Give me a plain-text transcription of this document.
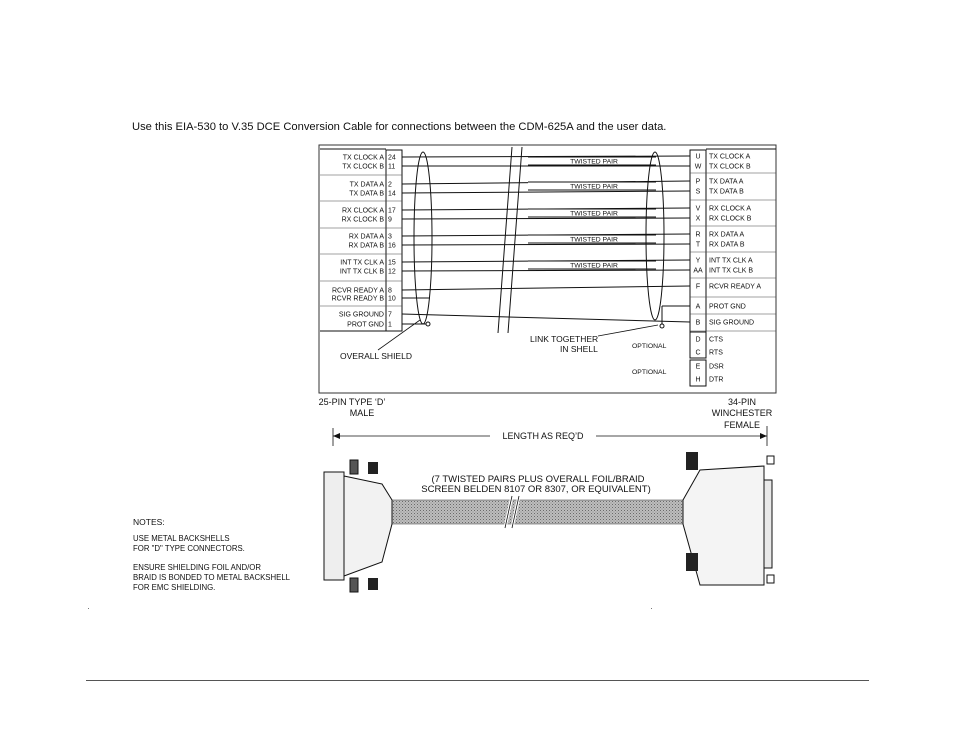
Use this EIA-530 to V.35 DCE Conversion Cable for connections between the CDM-625A and the user data.
TX CLOCK A 24
TX CLOCK B 11
TX DATA A 2
TX DATA B 14
RX CLOCK A 17
RX CLOCK B 9
RX DATA A 3
RX DATA B 16
INT TX CLK A 15
INT TX CLK B 12
RCVR READY A 8
RCVR READY B 10
SIG GROUND 7
PROT GND 1
U TX CLOCK A
W TX CLOCK B
P TX DATA A
S TX DATA B
V RX CLOCK A
X RX CLOCK B
R RX DATA A
T RX DATA B
Y INT TX CLK A
AA INT TX CLK B
F RCVR READY A
A PROT GND
B SIG GROUND
D CTS
C RTS
E DSR
H DTR
TWISTED PAIR
TWISTED PAIR
TWISTED PAIR
TWISTED PAIR
TWISTED PAIR
OVERALL SHIELD
LINK TOGETHER
IN SHELL	OPTIONAL
OPTIONAL
25-PIN TYPE ‘D’
MALE
34-PIN
WINCHESTER
FEMALE
LENGTH AS REQ’D
(7 TWISTED PAIRS PLUS OVERALL FOIL/BRAID
SCREEN BELDEN 8107 OR 8307, OR EQUIVALENT)
NOTES:
USE METAL BACKSHELLS
FOR "D" TYPE CONNECTORS.
ENSURE SHIELDING FOIL AND/OR
BRAID IS BONDED TO METAL BACKSHELL
FOR EMC SHIELDING.
